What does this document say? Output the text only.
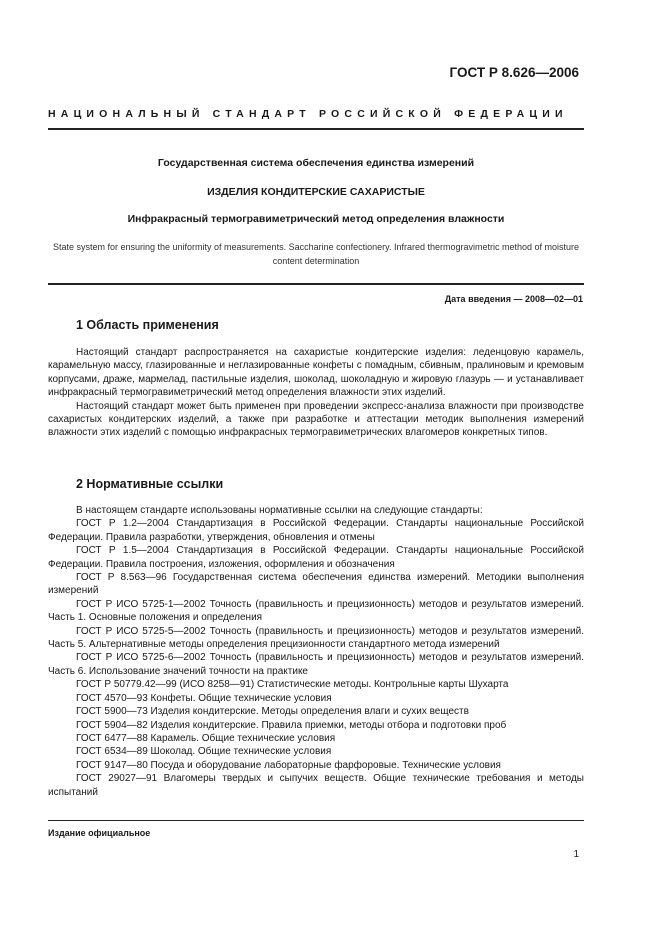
ГОСТ Р 8.626—2006
НАЦИОНАЛЬНЫЙ СТАНДАРТ РОССИЙСКОЙ ФЕДЕРАЦИИ
Государственная система обеспечения единства измерений
ИЗДЕЛИЯ КОНДИТЕРСКИЕ САХАРИСТЫЕ
Инфракрасный термогравиметрический метод определения влажности
State system for ensuring the uniformity of measurements. Saccharine confectionery. Infrared thermogravimetric method of moisture content determination
Дата введения — 2008—02—01
1 Область применения

Настоящий стандарт распространяется на сахаристые кондитерские изделия: леденцовую карамель, карамельную массу, глазированные и неглазированные конфеты с помадным, сбивным, пралиновым и кремовым корпусами, драже, мармелад, пастильные изделия, шоколад, шоколадную и жировую глазурь — и устанавливает инфракрасный термогравиметрический метод определения влажности этих изделий.

Настоящий стандарт может быть применен при проведении экспресс-анализа влажности при производстве сахаристых кондитерских изделий, а также при разработке и аттестации методик выполнения измерений влажности этих изделий с помощью инфракрасных термогравиметрических влагомеров конкретных типов.

2 Нормативные ссылки

В настоящем стандарте использованы нормативные ссылки на следующие стандарты:

ГОСТ Р 1.2—2004 Стандартизация в Российской Федерации. Стандарты национальные Российской Федерации. Правила разработки, утверждения, обновления и отмены

ГОСТ Р 1.5—2004 Стандартизация в Российской Федерации. Стандарты национальные Российской Федерации. Правила построения, изложения, оформления и обозначения

ГОСТ Р 8.563—96 Государственная система обеспечения единства измерений. Методики выполнения измерений

ГОСТ Р ИСО 5725-1—2002 Точность (правильность и прецизионность) методов и результатов измерений. Часть 1. Основные положения и определения

ГОСТ Р ИСО 5725-5—2002 Точность (правильность и прецизионность) методов и результатов измерений. Часть 5. Альтернативные методы определения прецизионности стандартного метода измерений

ГОСТ Р ИСО 5725-6—2002 Точность (правильность и прецизионность) методов и результатов измерений. Часть 6. Использование значений точности на практике

ГОСТ Р 50779.42—99 (ИСО 8258—91) Статистические методы. Контрольные карты Шухарта

ГОСТ 4570—93 Конфеты. Общие технические условия

ГОСТ 5900—73 Изделия кондитерские. Методы определения влаги и сухих веществ

ГОСТ 5904—82 Изделия кондитерские. Правила приемки, методы отбора и подготовки проб

ГОСТ 6477—88 Карамель. Общие технические условия

ГОСТ 6534—89 Шоколад. Общие технические условия

ГОСТ 9147—80 Посуда и оборудование лабораторные фарфоровые. Технические условия

ГОСТ 29027—91 Влагомеры твердых и сыпучих веществ. Общие технические требования и методы испытаний

Издание официальное
1
